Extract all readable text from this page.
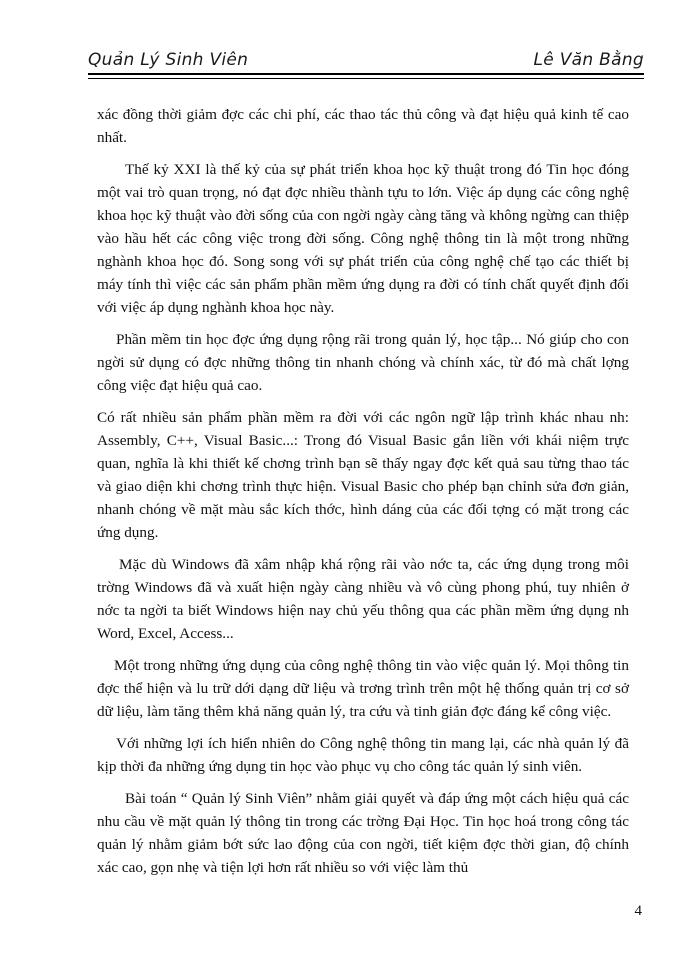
Quản Lý Sinh Viên	Lê Văn Bằng

xác đồng thời giảm đợc các chi phí, các thao tác thủ công và đạt hiệu quả kinh tế cao nhất.

Thế kỷ XXI là thế kỷ của sự phát triển khoa học kỹ thuật trong đó Tin học đóng một vai trò quan trọng, nó đạt đợc nhiều thành tựu to lớn. Việc áp dụng các công nghệ khoa học kỹ thuật vào đời sống của con ngời ngày càng tăng và không ngừng can thiệp vào hầu hết các công việc trong đời sống. Công nghệ thông tin là một trong những nghành khoa học đó. Song song với sự phát triển của công nghệ chế tạo các thiết bị máy tính thì việc các sản phẩm phần mềm ứng dụng ra đời có tính chất quyết định đối với việc áp dụng nghành khoa học này.

Phần mềm tin học đợc ứng dụng rộng rãi trong quản lý, học tập... Nó giúp cho con ngời sử dụng có đợc những thông tin nhanh chóng và chính xác, từ đó mà chất lợng công việc đạt hiệu quả cao.

Có rất nhiều sản phẩm phần mềm ra đời với các ngôn ngữ lập trình khác nhau nh: Assembly, C++, Visual Basic...: Trong đó Visual Basic gắn liền với khái niệm trực quan, nghĩa là khi thiết kế chơng trình bạn sẽ thấy ngay đợc kết quả sau từng thao tác và giao diện khi chơng trình thực hiện. Visual Basic cho phép bạn chỉnh sửa đơn giản, nhanh chóng về mặt màu sắc kích thớc, hình dáng của các đối tợng có mặt trong các ứng dụng.

Mặc dù Windows đã xâm nhập khá rộng rãi vào nớc ta, các ứng dụng trong môi trờng Windows đã và xuất hiện ngày càng nhiều và vô cùng phong phú, tuy nhiên ở nớc ta ngời ta biết Windows hiện nay chủ yếu thông qua các phần mềm ứng dụng nh Word, Excel, Access...

Một trong những ứng dụng của công nghệ thông tin vào việc quản lý. Mọi thông tin đợc thể hiện và lu trữ dới dạng dữ liệu và trơng trình trên một hệ thống quản trị cơ sở dữ liệu, làm tăng thêm khả năng quản lý, tra cứu và tinh giản đợc đáng kể công việc.

Với những lợi ích hiển nhiên do Công nghệ thông tin mang lại, các nhà quản lý đã kịp thời đa những ứng dụng tin học vào phục vụ cho công tác quản lý sinh viên.

Bài toán “ Quản lý Sinh Viên” nhằm giải quyết và đáp ứng một cách hiệu quả các nhu cầu về mặt quản lý thông tin trong các trờng Đại Học. Tin học hoá trong công tác quản lý nhằm giảm bớt sức lao động của con ngời, tiết kiệm đợc thời gian, độ chính xác cao, gọn nhẹ và tiện lợi hơn rất nhiều so với việc làm thủ

4
